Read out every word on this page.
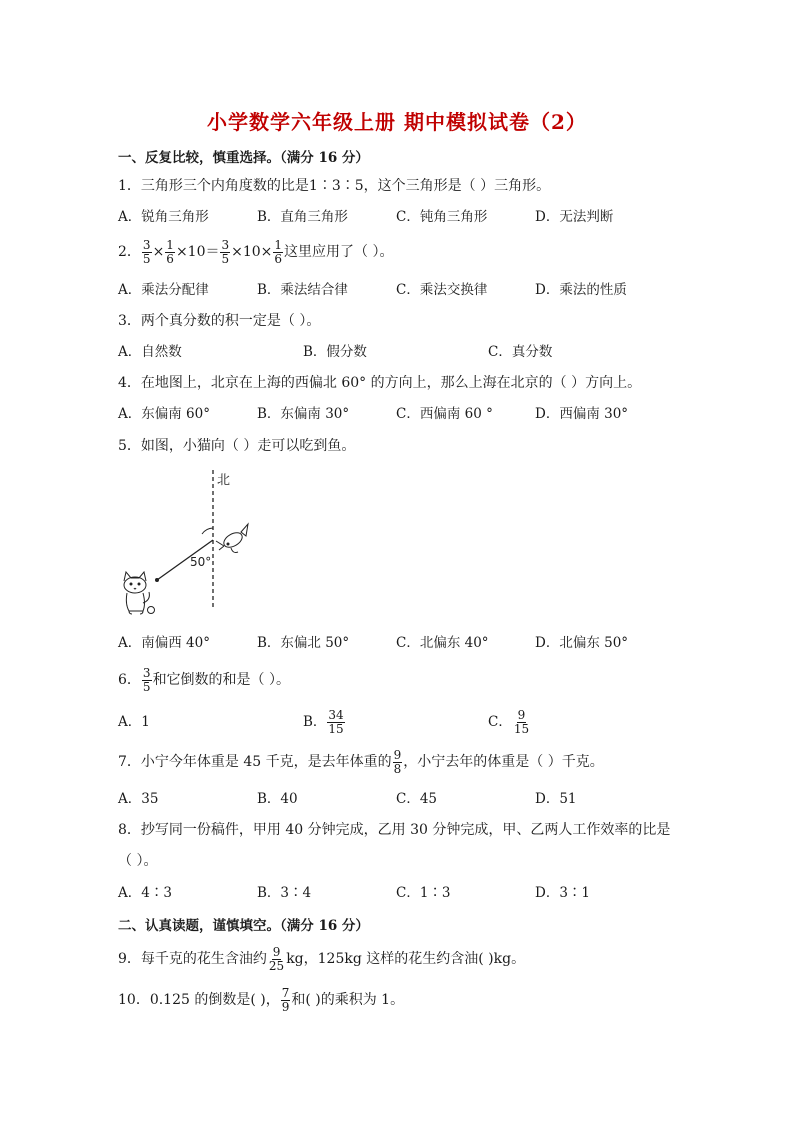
小学数学六年级上册 期中模拟试卷（2）
一、反复比较，慎重选择。（满分 16 分）
1．三角形三个内角度数的比是1∶3∶5，这个三角形是（ ）三角形。
A．锐角三角形	B．直角三角形	C．钝角三角形	D．无法判断
2． $\frac{3}{5} \times \frac{1}{6} \times 10= \frac{3}{5} \times 10\times \frac{1}{6}$ 这里应用了（ ）。
A．乘法分配律	B．乘法结合律	C．乘法交换律	D．乘法的性质
3．两个真分数的积一定是（ ）。
A．自然数	B．假分数	C．真分数
4．在地图上，北京在上海的西偏北 60° 的方向上，那么上海在北京的（ ）方向上。
A．东偏南 60°	B．东偏南 30°	C．西偏南 60 °	D．西偏南 30°
5．如图，小猫向（ ）走可以吃到鱼。
北
50°
A．南偏西 40°	B．东偏北 50°	C．北偏东 40°	D．北偏东 50°
6． $\frac{3}{5}$ 和它倒数的和是（ ）。
A．1	B． $\frac{34}{15}$	C． $\frac{9}{15}$
7．小宁今年体重是 45 千克，是去年体重的 $\frac{9}{8}$ ，小宁去年的体重是（ ）千克。
A．35	B．40	C．45	D．51
8．抄写同一份稿件，甲用 40 分钟完成，乙用 30 分钟完成，甲、乙两人工作效率的比是
（ ）。
A．4∶3	B．3∶4	C．1∶3	D．3∶1
二、认真读题，谨慎填空。（满分 16 分）
9．每千克的花生含油约 $\frac{9}{25}$ kg，125kg 这样的花生约含油( )kg。
10．0.125 的倒数是( )， $\frac{7}{9}$ 和( )的乘积为 1。
